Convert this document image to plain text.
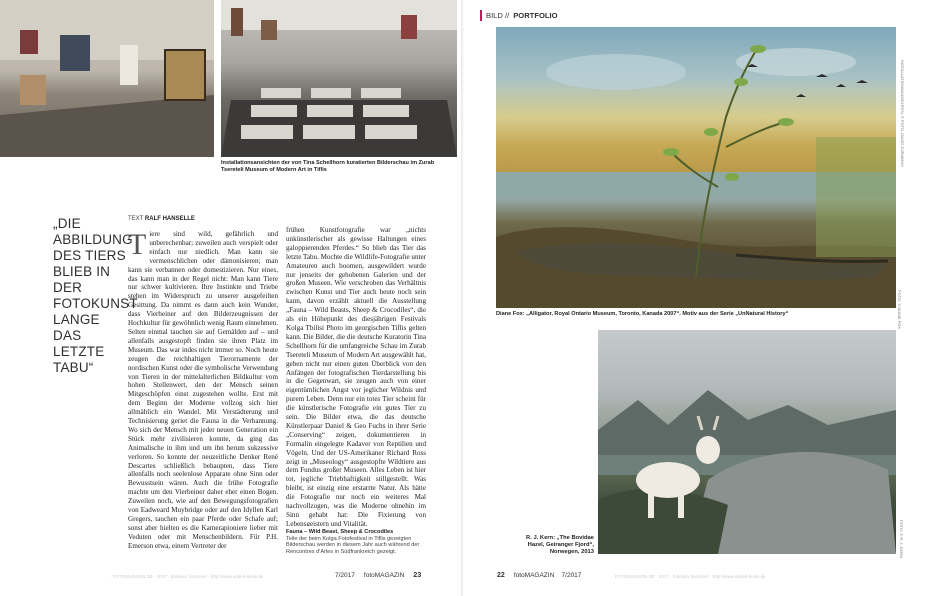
Installationsansichten der von Tina Schellhorn kuratierten Bilderschau im Zurab Tsereteli Museum of Modern Art in Tiflis
„DIE ABBILDUNG DES TIERS BLIEB IN DER FOTOKUNST LANGE DAS LETZTE TABU“
TEXT RALF HANSELLE
T iere sind wild, gefährlich und unberechenbar; zuweilen auch verspielt oder einfach nur niedlich. Man kann sie vermenschlichen oder dämonisieren; man kann sie verbannen oder domestizieren. Nur eines, das kann man in der Regel nicht: Man kann Tiere nur schwer kultivieren. Ihre Instinkte und Triebe stehen im Widerspruch zu unserer ausgefeilten Gesittung. Da nimmt es dann auch kein Wunder, dass Vierbeiner auf den Bilderzeugnissen der Hochkultur für gewöhnlich wenig Raum einnehmen. Selten einmal tauchen sie auf Gemälden auf – und allenfalls ausgestopft finden sie ihren Platz im Museum. Das war indes nicht immer so. Noch heute zeugen die reichhaltigen Tierornamente der nordischen Kunst oder die symbolische Verwendung von Tieren in der mittelalterlichen Bildkultur vom hohen Stellenwert, den der Mensch seinen Mitgeschöpfen einst zugestehen wollte. Erst mit dem Beginn der Moderne vollzog sich hier allmählich ein Wandel. Mit Verstädterung und Technisierung geriet die Fauna in die Verbannung. Wo sich der Mensch mit jeder neuen Generation ein Stück mehr zivilisieren konnte, da ging das Animalische in ihm und um ihn herum sukzessive verloren. So konnte der neuzeitliche Denker René Descartes schließlich behaupten, dass Tiere allenfalls noch seelenlose Apparate ohne Sinn oder Bewusstsein wären. Auch die frühe Fotografie machte um den Vierbeiner daher eher einen Bogen. Zuweilen noch, wie auf den Bewegungsfotografien von Eadweard Muybridge oder auf den Idyllen Karl Gregers, tauchen ein paar Pferde oder Schafe auf; sonst aber hielten es die Kamerapioniere lieber mit Veduten oder mit Menschenbildern. Für P.H. Emerson etwa, einem Vertreter der
frühen Kunstfotografie war „nichts unkünstlerischer als gewisse Haltungen eines galoppierenden Pferdes.“ So blieb das Tier das letzte Tabu. Mochte die Wildlife-Fotografie unter Amateuren auch boomen, ausgewildert wurde nur jenseits der gehobenen Galerien und der großen Museen. Wie verschroben das Verhältnis zwischen Kunst und Tier auch heute noch sein kann, davon erzählt aktuell die Ausstellung „Fauna – Wild Beasts, Sheep & Crocodiles“, die als ein Höhepunkt des diesjährigen Festivals Kolga Tbilisi Photo im georgischen Tiflis gelten kann. Die Bilder, die die deutsche Kuratorin Tina Schellhorn für die umfangreiche Schau im Zurab Tsereteli Museum of Modern Art ausgewählt hat, geben nicht nur einen guten Überblick von den Anfängen der fotografischen Tierdarstellung bis in die Gegenwart, sie zeugen auch von einer eigentümlichen Angst vor jeglicher Wildnis und purem Leben. Denn nur ein totes Tier scheint für die künstlerische Fotografie ein gutes Tier zu sein. Die Bilder etwa, die das deutsche Künstlerpaar Daniel & Geo Fuchs in ihrer Serie „Conserving“ zeigen, dokumentieren in Formalin eingelegte Kadaver von Reptilien und Vögeln. Und der US-Amerikaner Richard Ross zeigt in „Museology“ ausgestopfte Wildtiere aus dem Fundus großer Museen. Alles Leben ist hier tot, jegliche Triebhaftigkeit stillgestellt. Was bleibt, ist einzig eine erstarrte Natur. Als hätte die Fotografie nur noch ein weiteres Mal nachvollzogen, was die Moderne ohnehin im Sinn gehabt hat: Die Fixierung von Lebensgeistern und Vitalität.
Fauna – Wild Beast, Sheep & Crocodiles
Teile der beim Kolga Fotofestival in Tiflis gezeigten Bilderschau werden in diesem Jahr auch während der Rencontres d'Arles in Südfrankreich gezeigt.
· FOTOMAGAZIN.DE · 2017 · Exklusiv lizenziert · http://www.united-kiosk.de	7/2017 fotoMAGAZIN 23
BILD // PORTFOLIO
INSTALLATIONSANSICHTEN: © FOTO: DAVID ZURABOVI
FOTO: © DIANE FOX
Diane Fox: „Alligator, Royal Ontario Museum, Toronto, Kanada 2007“. Motiv aus der Serie „UnNatural History“
FOTO: © R. J. KERN
R. J. Kern: „The Bovidae Hazel, Geiranger Fjord“, Norwegen, 2013
22 fotoMAGAZIN 7/2017	· FOTOMAGAZIN.DE · 2017 · Exklusiv lizenziert · http://www.united-kiosk.de
